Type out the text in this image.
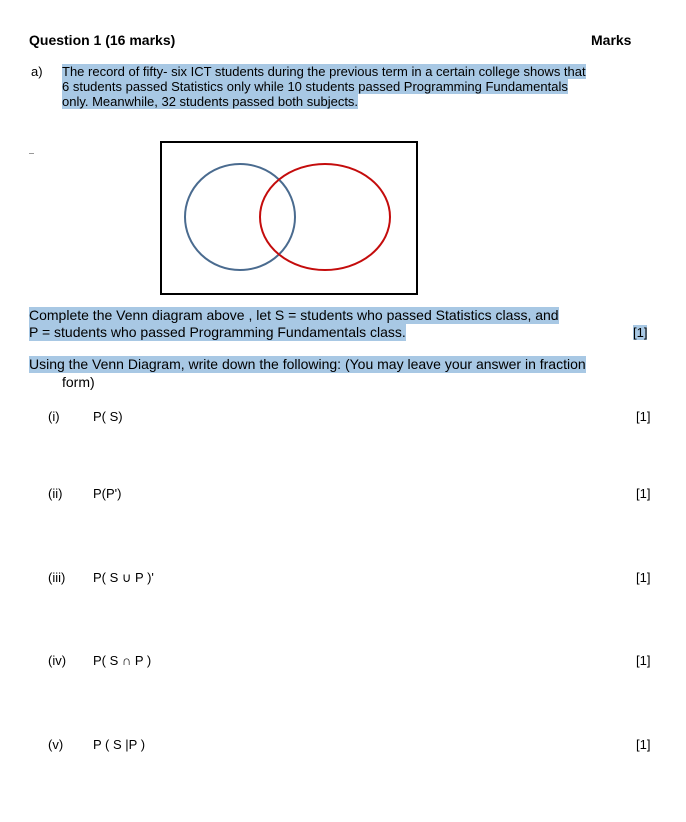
Question 1 (16 marks)	Marks
a) The record of fifty- six ICT students during the previous term in a certain college shows that
6 students passed Statistics only while 10 students passed Programming Fundamentals
only. Meanwhile, 32 students passed both subjects.
Complete the Venn diagram above , let S = students who passed Statistics class, and
P = students who passed Programming Fundamentals class.	[1]
Using the Venn Diagram, write down the following: (You may leave your answer in fraction
form)
(i)	P( S)	[1]
(ii) P(P')	[1]
(iii) P( S ∪ P )'	[1]
(iv) P( S ∩ P )	[1]
(v) P ( S |P )	[1]
